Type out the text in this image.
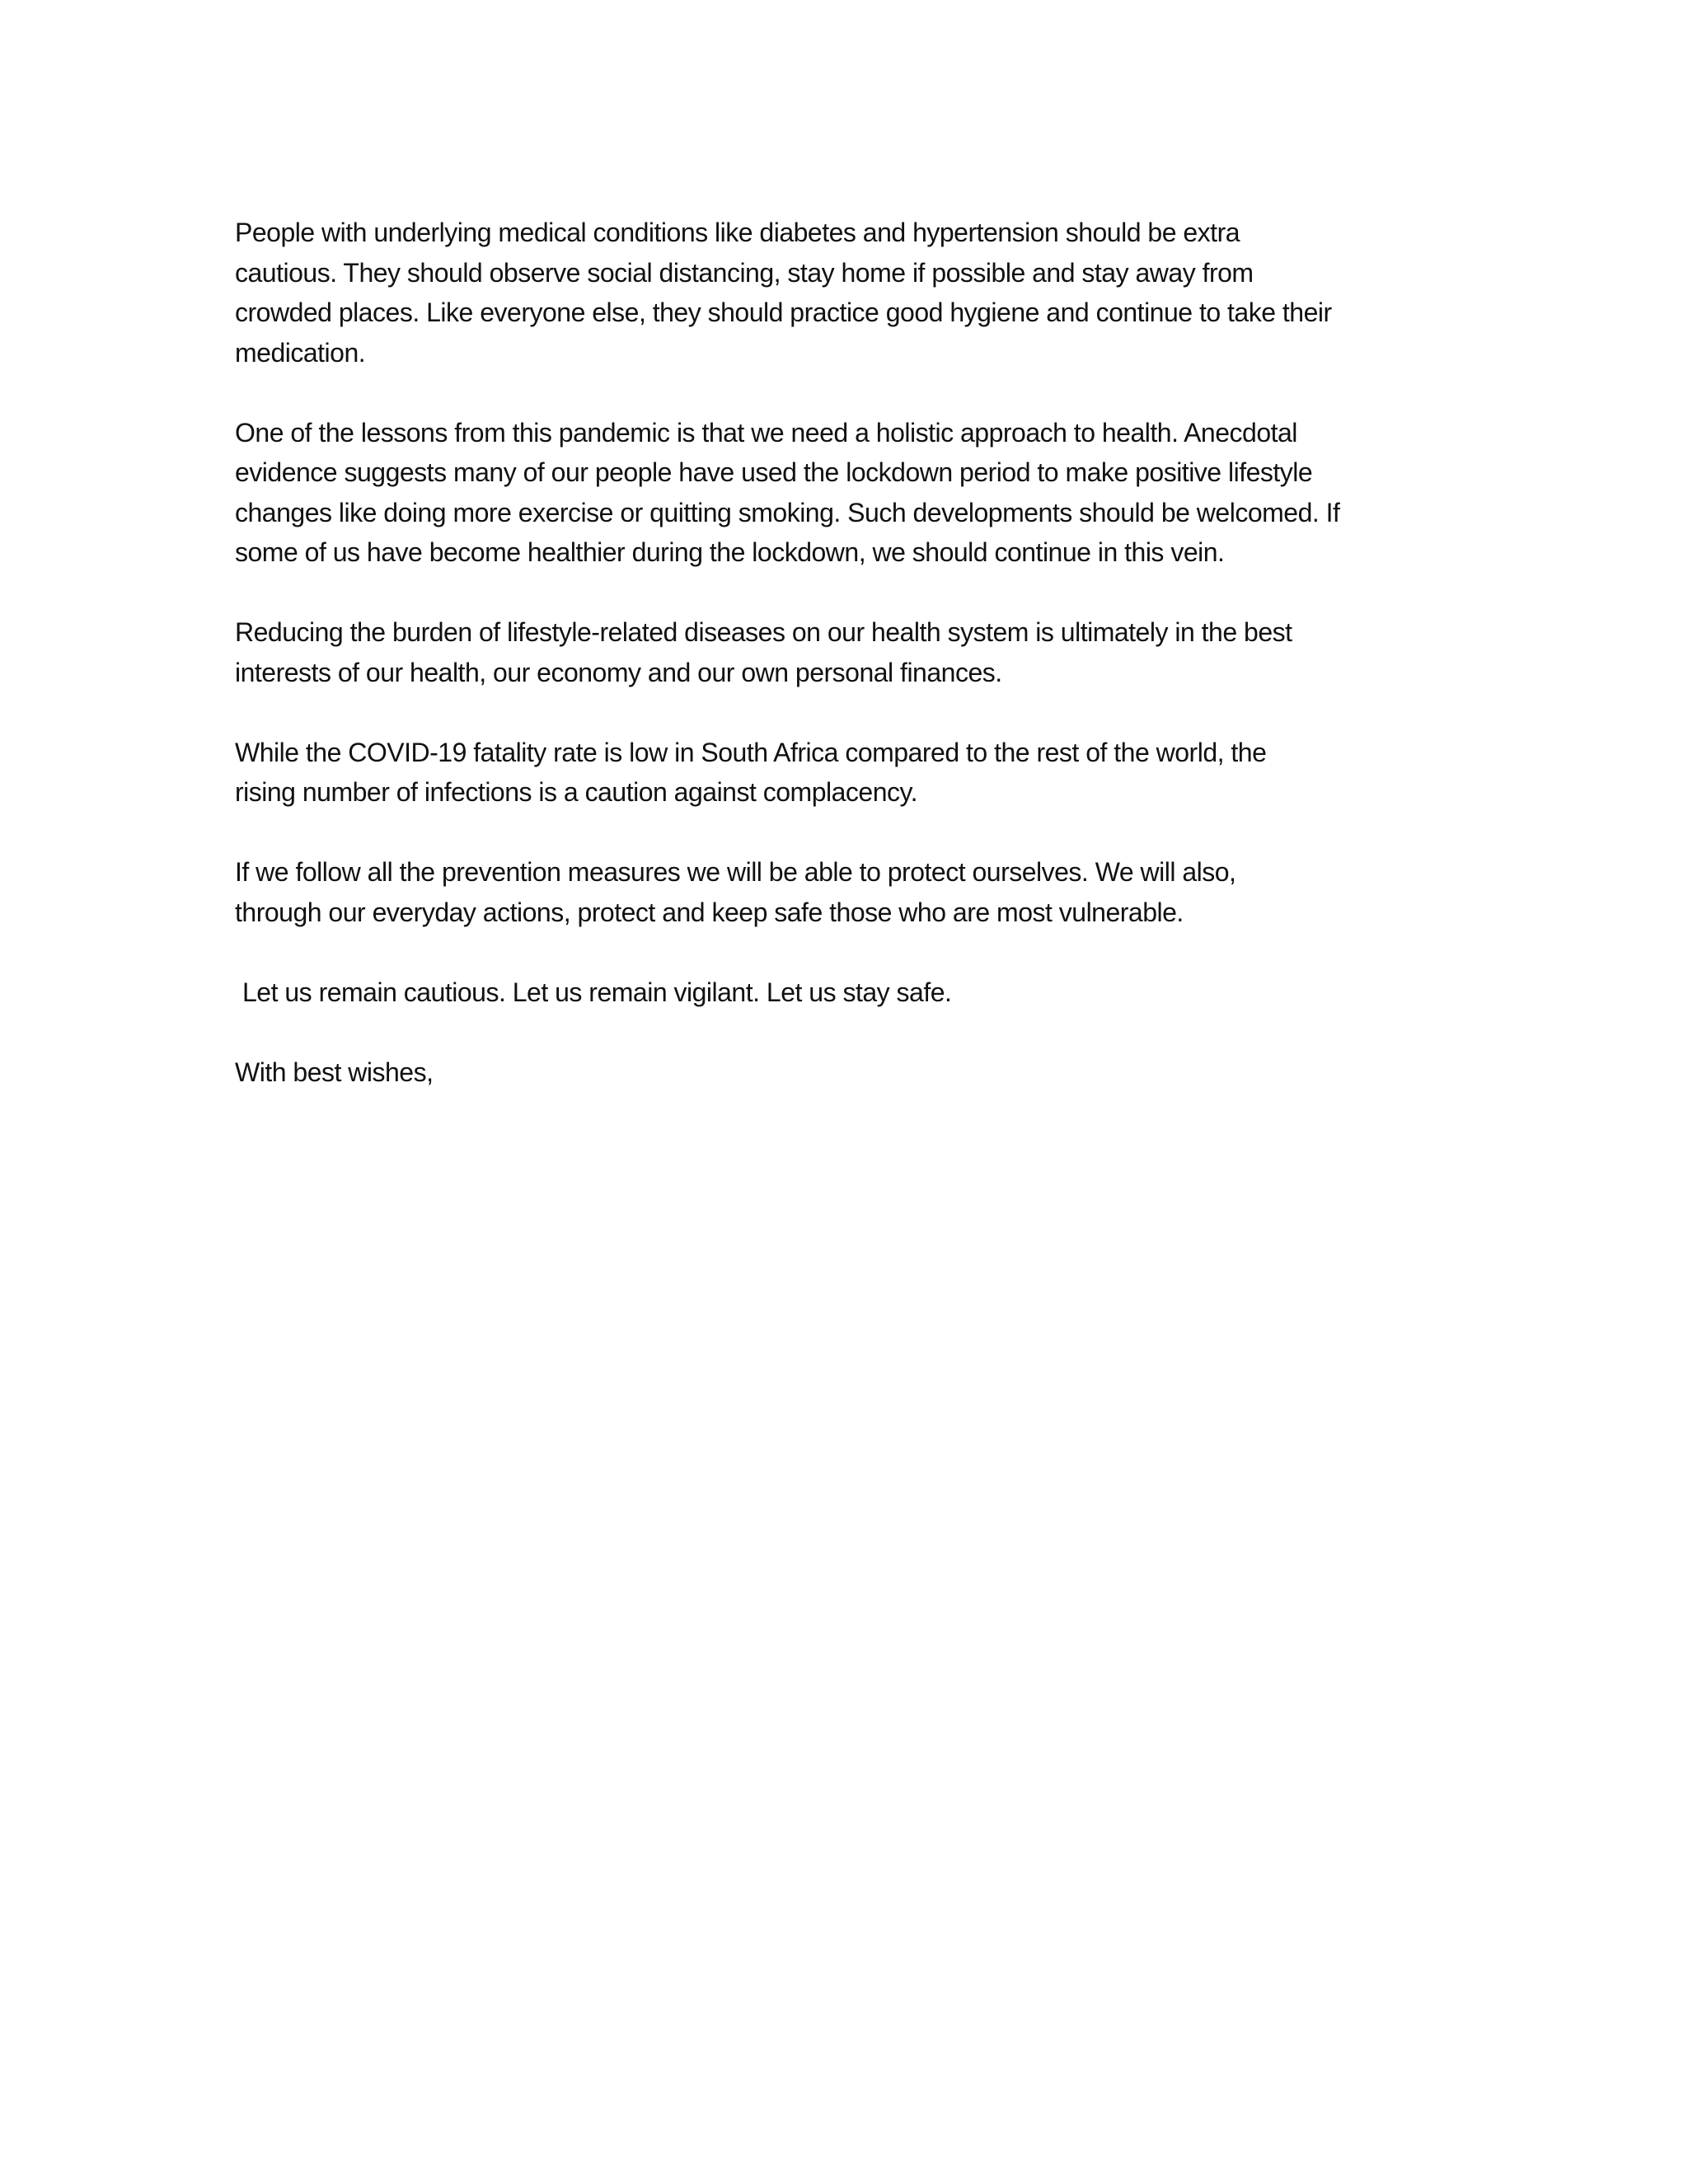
People with underlying medical conditions like diabetes and hypertension should be extra
cautious. They should observe social distancing, stay home if possible and stay away from
crowded places. Like everyone else, they should practice good hygiene and continue to take their
medication.

One of the lessons from this pandemic is that we need a holistic approach to health. Anecdotal
evidence suggests many of our people have used the lockdown period to make positive lifestyle
changes like doing more exercise or quitting smoking. Such developments should be welcomed. If
some of us have become healthier during the lockdown, we should continue in this vein.

Reducing the burden of lifestyle-related diseases on our health system is ultimately in the best
interests of our health, our economy and our own personal finances.

While the COVID-19 fatality rate is low in South Africa compared to the rest of the world, the
rising number of infections is a caution against complacency.

If we follow all the prevention measures we will be able to protect ourselves. We will also,
through our everyday actions, protect and keep safe those who are most vulnerable.

Let us remain cautious. Let us remain vigilant. Let us stay safe.

With best wishes,
